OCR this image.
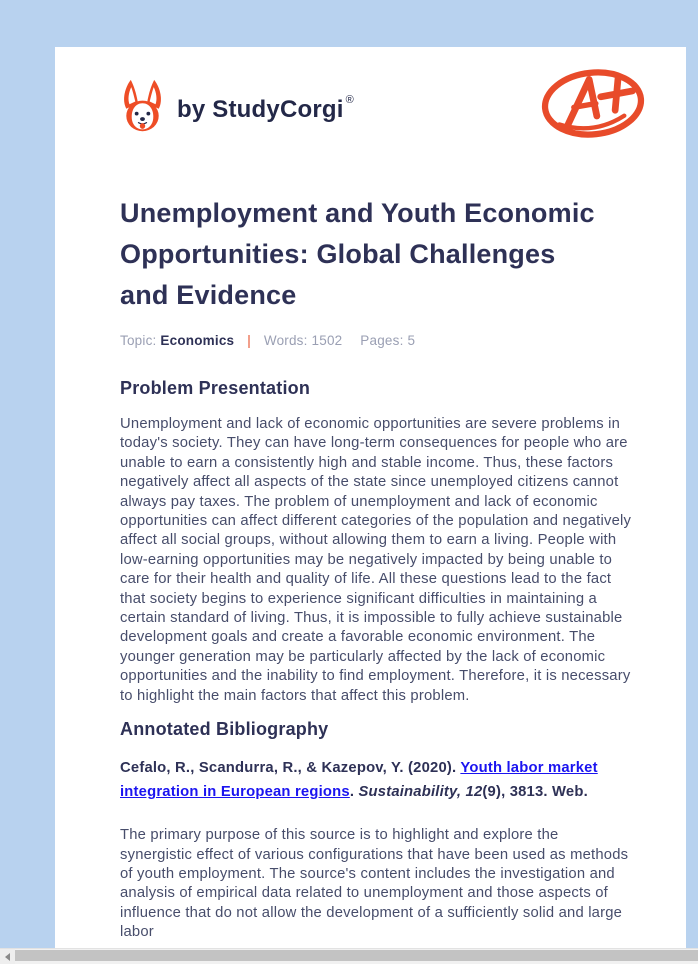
by StudyCorgi ®
Unemployment and Youth Economic Opportunities: Global Challenges and Evidence
Topic: Economics | Words: 1502 Pages: 5
Problem Presentation

Unemployment and lack of economic opportunities are severe problems in today's society. They can have long-term consequences for people who are unable to earn a consistently high and stable income. Thus, these factors negatively affect all aspects of the state since unemployed citizens cannot always pay taxes. The problem of unemployment and lack of economic opportunities can affect different categories of the population and negatively affect all social groups, without allowing them to earn a living. People with low-earning opportunities may be negatively impacted by being unable to care for their health and quality of life. All these questions lead to the fact that society begins to experience significant difficulties in maintaining a certain standard of living. Thus, it is impossible to fully achieve sustainable development goals and create a favorable economic environment. The younger generation may be particularly affected by the lack of economic opportunities and the inability to find employment. Therefore, it is necessary to highlight the main factors that affect this problem.

Annotated Bibliography

Cefalo, R., Scandurra, R., & Kazepov, Y. (2020). Youth labor market integration in European regions. Sustainability, 12(9), 3813. Web.

The primary purpose of this source is to highlight and explore the synergistic effect of various configurations that have been used as methods of youth employment. The source's content includes the investigation and analysis of empirical data related to unemployment and those aspects of influence that do not allow the development of a sufficiently solid and large labor
